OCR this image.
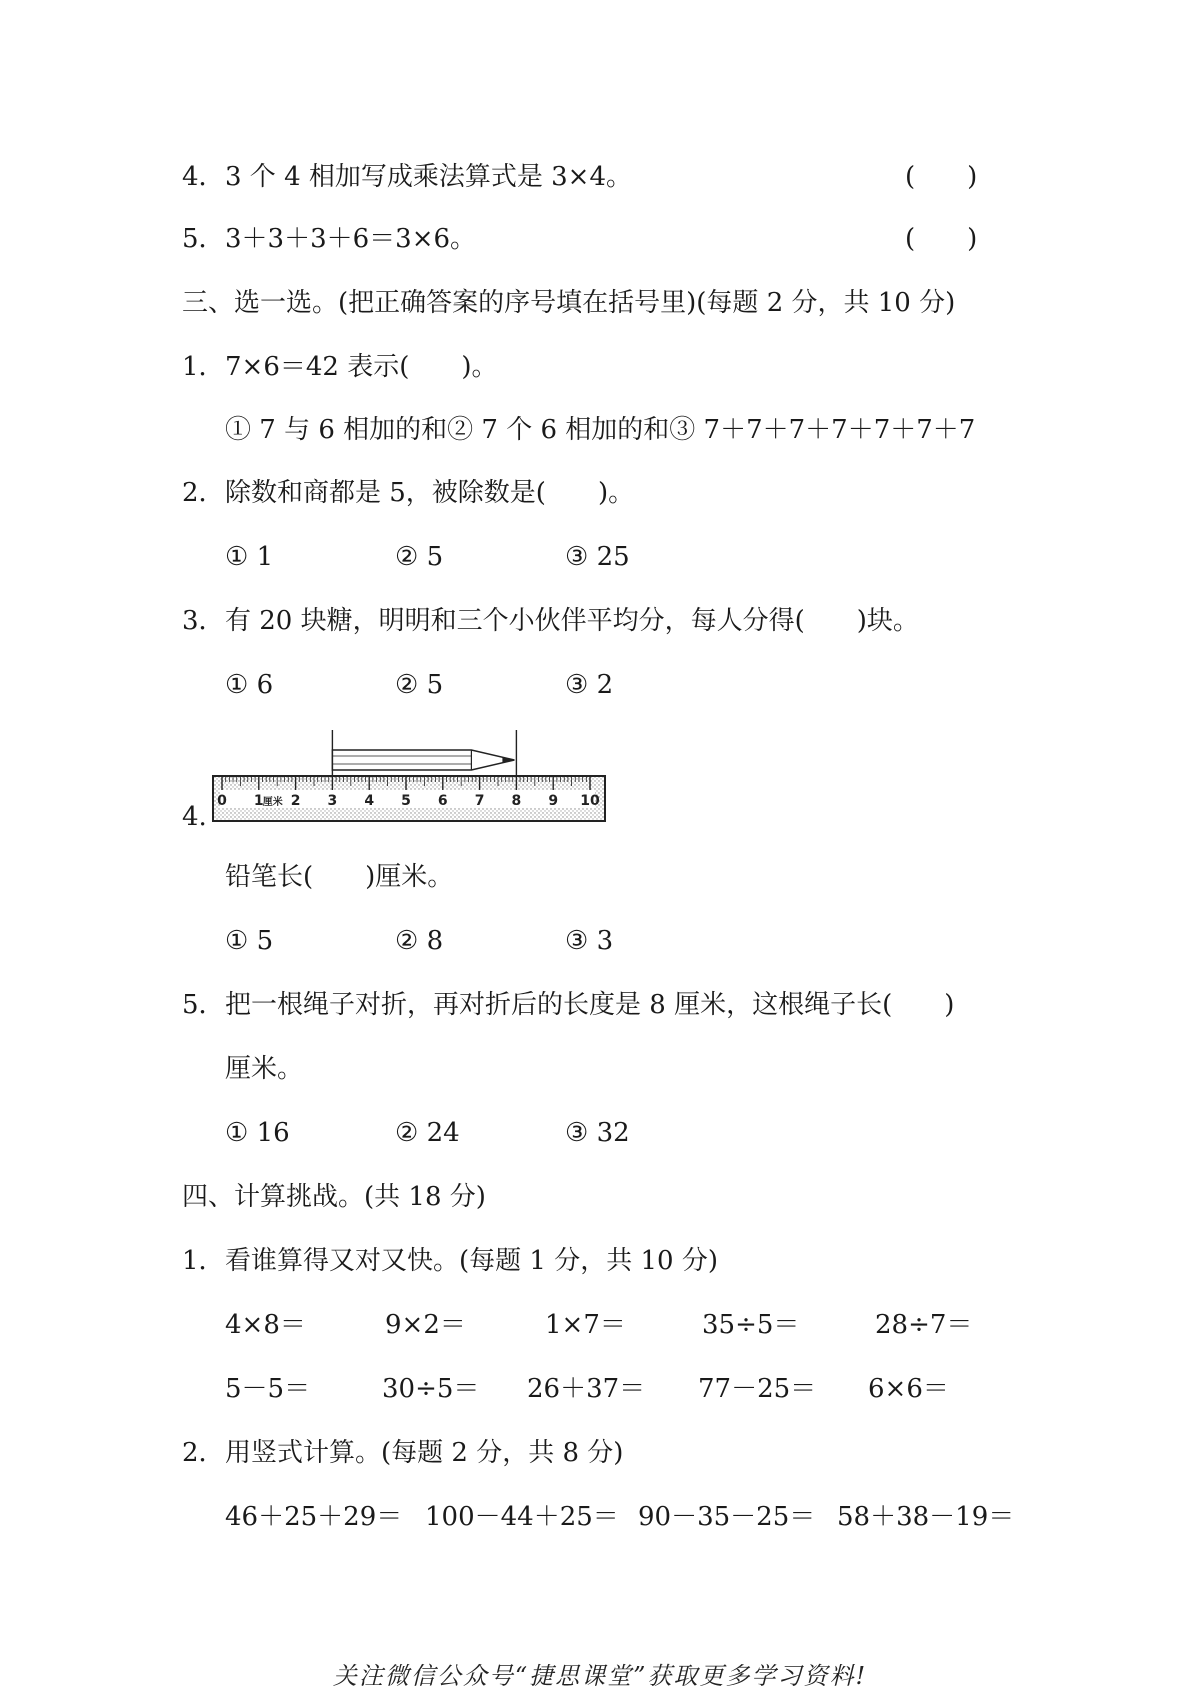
4． 3 个 4 相加写成乘法算式是 3×4。	(　　)
5． 3＋3＋3＋6＝3×6。	(　　)
三、选一选。(把正确答案的序号填在括号里)(每题 2 分，共 10 分)
1． 7×6＝42 表示(　　)。
① 7 与 6 相加的和② 7 个 6 相加的和③ 7＋7＋7＋7＋7＋7＋7
2． 除数和商都是 5，被除数是(　　)。
① 1	② 5	③ 25
3． 有 20 块糖，明明和三个小伙伴平均分，每人分得(　　)块。
① 6	② 5	③ 2
4.
0 1 2 3 4 5 6 7 8 9 10
厘米
铅笔长(　　)厘米。
① 5	② 8	③ 3
5． 把一根绳子对折，再对折后的长度是 8 厘米，这根绳子长(　　)
厘米。
① 16	② 24	③ 32
四、计算挑战。(共 18 分)
1． 看谁算得又对又快。(每题 1 分，共 10 分)
4×8＝	9×2＝	1×7＝	35÷5＝	28÷7＝
5－5＝	30÷5＝ 26＋37＝ 77－25＝ 6×6＝
2． 用竖式计算。(每题 2 分，共 8 分)
46＋25＋29＝ 100－44＋25＝ 90－35－25＝ 58＋38－19＝
关注微信公众号“捷思课堂”获取更多学习资料!
